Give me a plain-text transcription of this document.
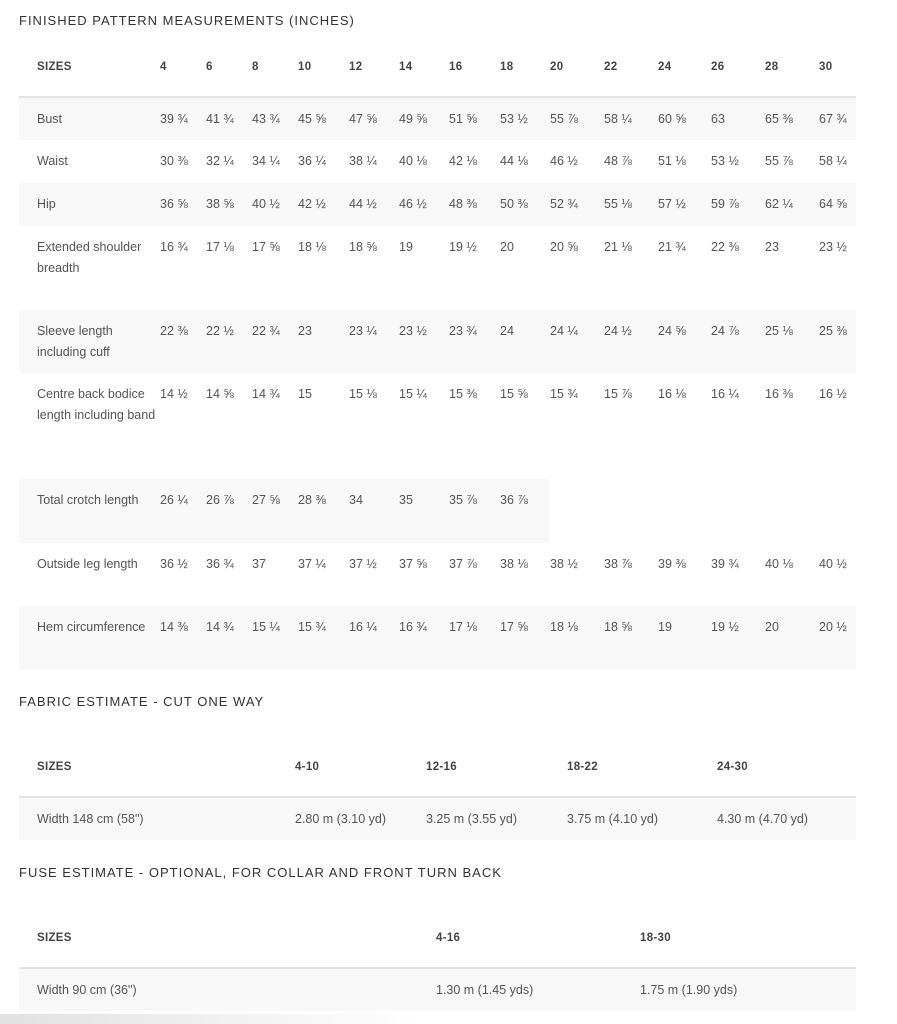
FINISHED PATTERN MEASUREMENTS (INCHES)
SIZES	4	6	8	10	12	14	16	18	20	22	24	26	28	30
Bust	39 ¾	41 ¾	43 ¾	45 ⅝	47 ⅝	49 ⅝	51 ⅝	53 ½	55 ⅞	58 ¼	60 ⅝	63	65 ⅜	67 ¾
Waist	30 ⅜	32 ¼	34 ¼	36 ¼	38 ¼	40 ⅛	42 ⅛	44 ⅛	46 ½	48 ⅞	51 ⅛	53 ½	55 ⅞	58 ¼
Hip	36 ⅝	38 ⅝	40 ½	42 ½	44 ½	46 ½	48 ⅜	50 ⅜	52 ¾	55 ⅛	57 ½	59 ⅞	62 ¼	64 ⅝
Extended shoulder breadth	16 ¾	17 ⅛	17 ⅝	18 ⅛	18 ⅝	19	19 ½	20	20 ⅝	21 ⅛	21 ¾	22 ⅜	23	23 ½
Sleeve length including cuff	22 ⅜	22 ½	22 ¾	23	23 ¼	23 ½	23 ¾	24	24 ¼	24 ½	24 ⅝	24 ⅞	25 ⅛	25 ⅜
Centre back bodice length including band	14 ½	14 ⅝	14 ¾	15	15 ⅛	15 ¼	15 ⅜	15 ⅝	15 ¾	15 ⅞	16 ⅛	16 ¼	16 ⅜	16 ½
Total crotch length	26 ¼	26 ⅞	27 ⅝	28 ⅜	34	35	35 ⅞	36 ⅞						
Outside leg length	36 ½	36 ¾	37	37 ¼	37 ½	37 ⅝	37 ⅞	38 ⅛	38 ½	38 ⅞	39 ⅜	39 ¾	40 ⅛	40 ½
Hem circumference	14 ⅜	14 ¾	15 ¼	15 ¾	16 ¼	16 ¾	17 ⅛	17 ⅝	18 ⅛	18 ⅝	19	19 ½	20	20 ½
FABRIC ESTIMATE - CUT ONE WAY
SIZES	4-10	12-16	18-22	24-30
Width 148 cm (58")	2.80 m (3.10 yd)	3.25 m (3.55 yd)	3.75 m (4.10 yd)	4.30 m (4.70 yd)
FUSE ESTIMATE - OPTIONAL, FOR COLLAR AND FRONT TURN BACK
SIZES	4-16	18-30
Width 90 cm (36")	1.30 m (1.45 yds)	1.75 m (1.90 yds)
